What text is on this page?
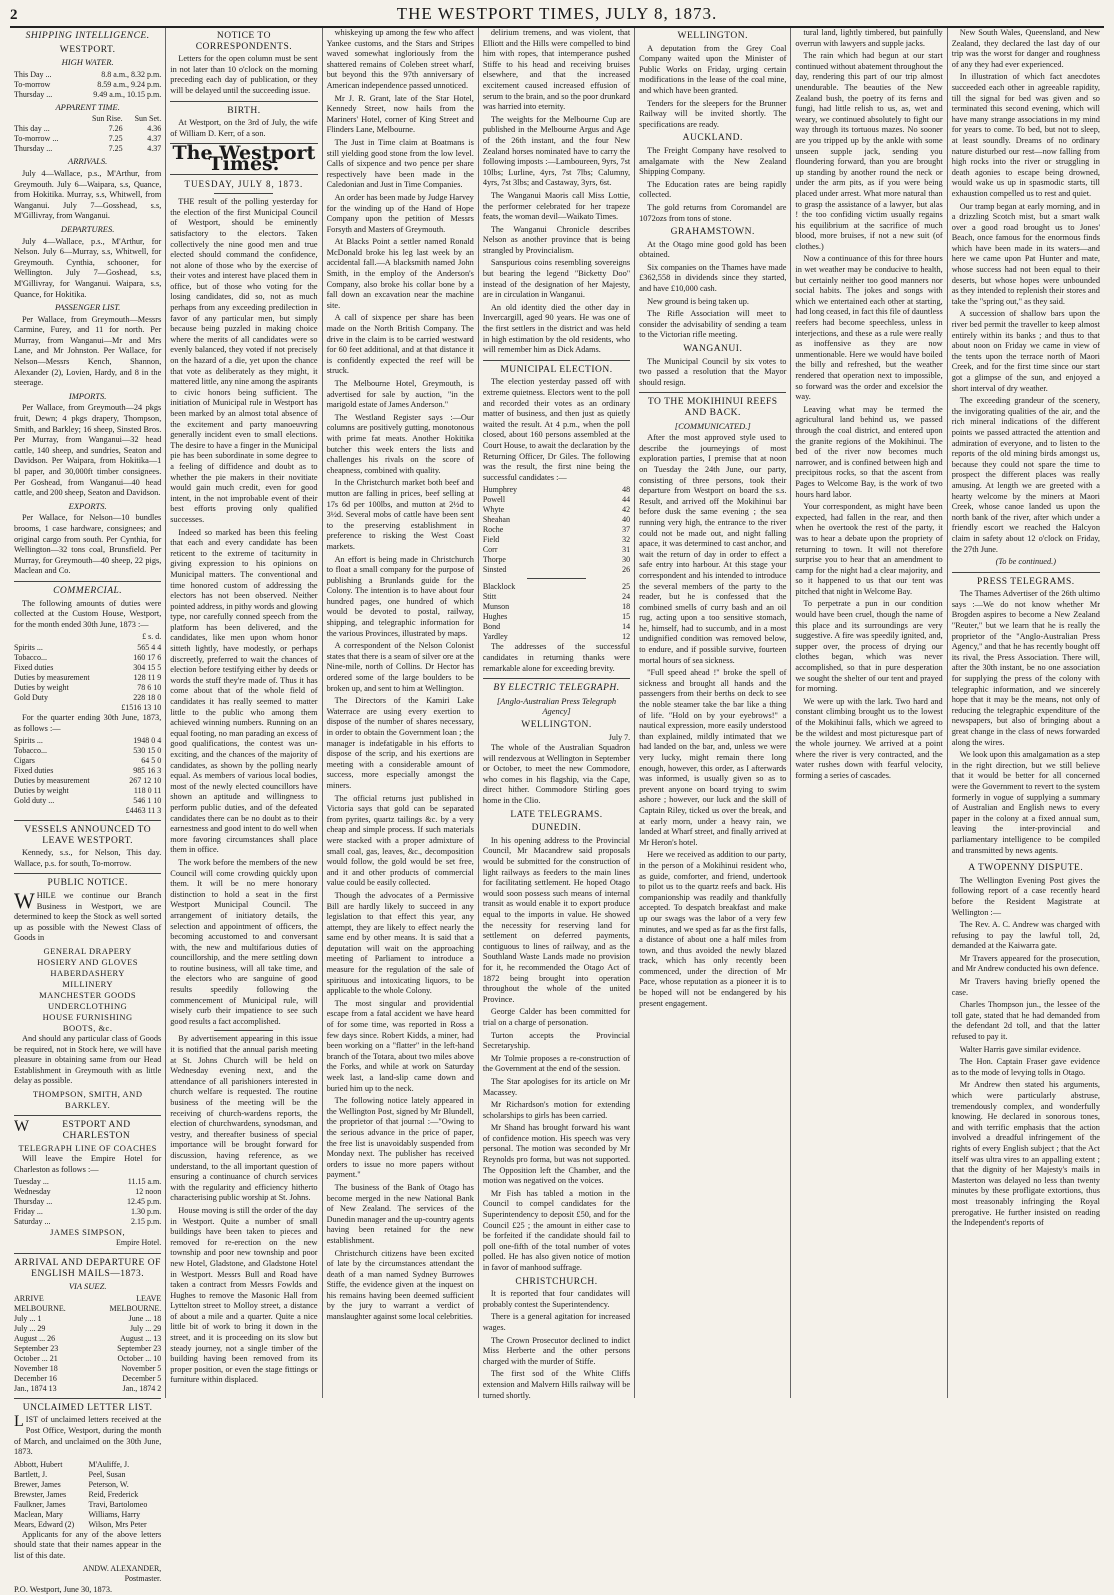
2	THE WESTPORT TIMES, JULY 8, 1873.
SHIPPING INTELLIGENCE.
WESTPORT.
HIGH WATER.
This Day ...	8.8 a.m., 8.32 p.m.
To-morrow	8.59 a.m., 9.24 p.m.
Thursday ...	9.49 a.m., 10.15 p.m.
APPARENT TIME.
	Sun Rise.	Sun Set.
This day ...	7.26	4.36
To-morrow ...	7.25	4.37
Thursday ...	7.25	4.37
ARRIVALS.

July 4—Wallace, p.s., M'Arthur, from Greymouth. July 6—Waipara, s.s, Quance, from Hokitika. Murray, s.s, Whitwell, from Wanganui. July 7—Gosshead, s.s, M'Gillivray, from Wanganui.

DEPARTURES.

July 4—Wallace, p.s., M'Arthur, for Nelson. July 6—Murray, s.s, Whitwell, for Greymouth. Cynthia, schooner, for Wellington. July 7—Goshead, s.s, M'Gillivray, for Wanganui. Waipara, s.s, Quance, for Hokitika.

PASSENGER LIST.

Per Wallace, from Greymouth—Messrs Carmine, Furey, and 11 for north. Per Murray, from Wanganui—Mr and Mrs Lane, and Mr Johnston. Per Wallace, for Nelson—Messrs Kench, Shannon, Alexander (2), Lovien, Hardy, and 8 in the steerage.

IMPORTS.

Per Wallace, from Greymouth—24 pkgs fruit, Dewn; 4 pkgs drapery, Thompson, Smith, and Barkley; 16 sheep, Sinsted Bros. Per Murray, from Wanganui—32 head cattle, 140 sheep, and sundries, Seaton and Davidson. Per Waipara, from Hokitika—1 bl paper, and 30,000ft timber consignees. Per Goshead, from Wanganui—40 head cattle, and 200 sheep, Seaton and Davidson.

EXPORTS.

Per Wallace, for Nelson—10 bundles brooms, 1 case hardware, consignees; and original cargo from south. Per Cynthia, for Wellington—32 tons coal, Brunsfield. Per Murray, for Greymouth—40 sheep, 22 pigs, Maclean and Co.

COMMERCIAL.

The following amounts of duties were collected at the Custom House, Westport, for the month ended 30th June, 1873 :—

£ s. d.
Spirits ...	565 4 4
Tobacco...	160 17 6
Fixed duties	304 15 5
Duties by measurement	128 11 9
Duties by weight	78 6 10
Gold Duty	228 18 0
	£1516 13 10

For the quarter ending 30th June, 1873, as follows :—

Spirits ...	1948 0 4
Tobacco...	530 15 0
Cigars	64 5 0
Fixed duties	985 16 3
Duties by measurement	267 12 10
Duties by weight	118 0 11
Gold duty ...	546 1 10
	£4463 11 3
VESSELS ANNOUNCED TO LEAVE WESTPORT.

Kennedy, s.s., for Nelson, This day. Wallace, p.s. for south, To-morrow.

PUBLIC NOTICE.

WHILE we continue our Branch Business in Westport, we are determined to keep the Stock as well sorted up as possible with the Newest Class of Goods in

GENERAL DRAPERY
HOSIERY AND GLOVES
HABERDASHERY
MILLINERY
MANCHESTER GOODS
UNDERCLOTHING
HOUSE FURNISHING
BOOTS, &c.

And should any particular class of Goods be required, not in Stock here, we will have pleasure in obtaining same from our Head Establishment in Greymouth with as little delay as possible.

THOMPSON, SMITH, AND BARKLEY.
W	ESTPORT AND CHARLESTON
TELEGRAPH LINE OF COACHES

Will leave the Empire Hotel for Charleston as follows :—

Tuesday ...	11.15 a.m.
Wednesday	12 noon
Thursday ...	12.45 p.m.
Friday ...	1.30 p.m.
Saturday ...	2.15 p.m.
JAMES SIMPSON,
Empire Hotel.
ARRIVAL AND DEPARTURE OF ENGLISH MAILS—1873.
VIA SUEZ.
ARRIVE MELBOURNE.	LEAVE MELBOURNE.
July ... 1	June ... 18
July ... 29	July ... 29
August ... 26	August ... 13
September 23	September 23
October ... 21	October ... 10
November 18	November 5
December 16	December 5
Jan., 1874 13	Jan., 1874 2
UNCLAIMED LETTER LIST.

LIST of unclaimed letters received at the Post Office, Westport, during the month of March, and unclaimed on the 30th June, 1873.

Abbott, Hubert	M'Auliffe, J.
Bartlett, J.	Peel, Susan
Brewer, James	Peterson, W.
Brewster, James	Reid, Frederick
Faulkner, James	Travi, Bartolomeo
Maclean, Mary	Williams, Harry
Mears, Edward (2)	Wilson, Mrs Peter

Applicants for any of the above letters should state that their names appear in the list of this date.

ANDW. ALEXANDER,
Postmaster.
P.O. Westport, June 30, 1873.
NOTICE TO CORRESPONDENTS.

Letters for the open column must be sent in not later than 10 o'clock on the morning preceding each day of publication, or they will be delayed until the succeeding issue.

BIRTH.

At Westport, on the 3rd of July, the wife of William D. Kerr, of a son.

The Westport Times.
TUESDAY, JULY 8, 1873.

THE result of the polling yesterday for the election of the first Municipal Council of Westport, should be eminently satisfactory to the electors. Taken collectively the nine good men and true elected should command the confidence, not alone of those who by the exercise of their votes and interest have placed them in office, but of those who voting for the losing candidates, did so, not as much perhaps from any exceeding predilection in favor of any particular men, but simply because being puzzled in making choice where the merits of all candidates were so evenly balanced, they voted if not precisely on the hazard of a die, yet upon the chance that vote as deliberately as they might, it mattered little, any nine among the aspirants to civic honors being sufficient. The initiation of Municipal rule in Westport has been marked by an almost total absence of the excitement and party manoeuvring generally incident even to small elections. The desire to have a finger in the Municipal pie has been subordinate in some degree to a feeling of diffidence and doubt as to whether the pie makers in their novitiate would gain much credit, even for good intent, in the not improbable event of their best efforts proving only qualified successes.

Indeed so marked has been this feeling that each and every candidate has been reticent to the extreme of taciturnity in giving expression to his opinions on Municipal matters. The conventional and time honored custom of addressing the electors has not been observed. Neither pointed address, in pithy words and glowing type, nor carefully conned speech from the platform has been delivered, and the candidates, like men upon whom honor sitteth lightly, have modestly, or perhaps discreetly, preferred to wait the chances of election before testifying either by deeds or words the stuff they're made of. Thus it has come about that of the whole field of candidates it has really seemed to matter little to the public who among them achieved winning numbers. Running on an equal footing, no man parading an excess of good qualifications, the contest was un-exciting, and the chances of the majority of candidates, as shown by the polling nearly equal. As members of various local bodies, most of the newly elected councillors have shown an aptitude and willingness to perform public duties, and of the defeated candidates there can be no doubt as to their earnestness and good intent to do well when more favoring circumstances shall place them in office.

The work before the members of the new Council will come crowding quickly upon them. It will be no mere honorary distinction to hold a seat in the first Westport Municipal Council. The arrangement of initiatory details, the selection and appointment of officers, the becoming accustomed to and conversant with, the new and multifarious duties of councillorship, and the mere settling down to routine business, will all take time, and the electors who are sanguine of good results speedily following the commencement of Municipal rule, will wisely curb their impatience to see such good results a fact accomplished.

By advertisement appearing in this issue it is notified that the annual parish meeting at St. Johns Church will be held on Wednesday evening next, and the attendance of all parishioners interested in church welfare is requested. The routine business of the meeting will be the receiving of church-wardens reports, the election of churchwardens, synodsman, and vestry, and thereafter business of special importance will be brought forward for discussion, having reference, as we understand, to the all important question of ensuring a continuance of church services with the regularity and efficiency hitherto characterising public worship at St. Johns.

House moving is still the order of the day in Westport. Quite a number of small buildings have been taken to pieces and removed for re-erection on the new township and poor new township and poor new Hotel, Gladstone, and Gladstone Hotel in Westport. Messrs Bull and Road have taken a contract from Messrs Fowlds and Hughes to remove the Masonic Hall from Lyttelton street to Molloy street, a distance of about a mile and a quarter. Quite a nice little bit of work to bring it down in the street, and it is proceeding on its slow but steady journey, not a single timber of the building having been removed from its proper position, or even the stage fittings or furniture within displaced.

whiskeying up among the few who affect Yankee customs, and the Stars and Stripes waved somewhat ingloriously from the shattered remains of Coleben street wharf, but beyond this the 97th anniversary of American independence passed unnoticed.

Mr J. R. Grant, late of the Star Hotel, Kennedy Street, now hails from the Mariners' Hotel, corner of King Street and Flinders Lane, Melbourne.

The Just in Time claim at Boatmans is still yielding good stone from the low level. Calls of sixpence and two pence per share respectively have been made in the Caledonian and Just in Time Companies.

An order has been made by Judge Harvey for the winding up of the Hand of Hope Company upon the petition of Messrs Forsyth and Masters of Greymouth.

At Blacks Point a settler named Ronald McDonald broke his leg last week by an accidental fall.—A blacksmith named John Smith, in the employ of the Anderson's Company, also broke his collar bone by a fall down an excavation near the machine site.

A call of sixpence per share has been made on the North British Company. The drive in the claim is to be carried westward for 60 feet additional, and at that distance it is confidently expected the reef will be struck.

The Melbourne Hotel, Greymouth, is advertised for sale by auction, "in the marigold estate of James Anderson."

The Westland Register says :—Our columns are positively gutting, monotonous with prime fat meats. Another Hokitika butcher this week enters the lists and challenges his rivals on the score of cheapness, combined with quality.

In the Christchurch market both beef and mutton are falling in prices, beef selling at 17s 6d per 100lbs, and mutton at 2½d to 3½d. Several mobs of cattle have been sent to the preserving establishment in preference to risking the West Coast markets.

An effort is being made in Christchurch to float a small company for the purpose of publishing a Brunlands guide for the Colony. The intention is to have about four hundred pages, one hundred of which would be devoted to postal, railway, shipping, and telegraphic information for the various Provinces, illustrated by maps.

A correspondent of the Nelson Colonist states that there is a seam of silver ore at the Nine-mile, north of Collins. Dr Hector has ordered some of the large boulders to be broken up, and sent to him at Wellington.

The Directors of the Kamiri Lake Waterrace are using every exertion to dispose of the number of shares necessary, in order to obtain the Government loan ; the manager is indefatigable in his efforts to dispose of the scrip, and his exertions are meeting with a considerable amount of success, more especially amongst the miners.

The official returns just published in Victoria says that gold can be separated from pyrites, quartz tailings &c. by a very cheap and simple process. If such materials were stacked with a proper admixture of small coal, gas, leaves, &c., decomposition would follow, the gold would be set free, and it and other products of commercial value could be easily collected.

Though the advocates of a Permissive Bill are hardly likely to succeed in any legislation to that effect this year, any attempt, they are likely to effect nearly the same end by other means. It is said that a deputation will wait on the approaching meeting of Parliament to introduce a measure for the regulation of the sale of spirituous and intoxicating liquors, to be applicable to the whole Colony.

The most singular and providential escape from a fatal accident we have heard of for some time, was reported in Ross a few days since. Robert Kidds, a miner, had been working on a "flatter" in the left-hand branch of the Totara, about two miles above the Forks, and while at work on Saturday week last, a land-slip came down and buried him up to the neck.

The following notice lately appeared in the Wellington Post, signed by Mr Blundell, the proprietor of that journal :—"Owing to the serious advance in the price of paper, the free list is unavoidably suspended from Monday next. The publisher has received orders to issue no more papers without payment."

The business of the Bank of Otago has become merged in the new National Bank of New Zealand. The services of the Dunedin manager and the up-country agents having been retained for the new establishment.

Christchurch citizens have been excited of late by the circumstances attendant the death of a man named Sydney Burrowes Stiffe, the evidence given at the inquest on his remains having been deemed sufficient by the jury to warrant a verdict of manslaughter against some local celebrities.

delirium tremens, and was violent, that Elliott and the Hills were compelled to bind him with ropes, that intemperance pushed Stiffe to his head and receiving bruises elsewhere, and that the increased excitement caused increased effusion of serum to the brain, and so the poor drunkard was harried into eternity.

The weights for the Melbourne Cup are published in the Melbourne Argus and Age of the 26th instant, and the four New Zealand horses nominated have to carry the following imposts :—Lamboureen, 9yrs, 7st 10lbs; Lurline, 4yrs, 7st 7lbs; Calumny, 4yrs, 7st 3lbs; and Castaway, 3yrs, 6st.

The Wanganui Maoris call Miss Lottie, the performer celebrated for her trapeze feats, the woman devil—Waikato Times.

The Wanganui Chronicle describes Nelson as another province that is being strangled by Provincialism.

Sanspurious coins resembling sovereigns but bearing the legend "Bicketty Doo" instead of the designation of her Majesty, are in circulation in Wanganui.

An old identity died the other day in Invercargill, aged 90 years. He was one of the first settlers in the district and was held in high estimation by the old residents, who will remember him as Dick Adams.

MUNICIPAL ELECTION.

The election yesterday passed off with extreme quietness. Electors went to the poll and recorded their votes as an ordinary matter of business, and then just as quietly waited the result. At 4 p.m., when the poll closed, about 160 persons assembled at the Court House, to await the declaration by the Returning Officer, Dr Giles. The following was the result, the first nine being the successful candidates :—

Humphrey	48
Powell	44
Whyte	42
Sheahan	40
Roche	37
Field	32
Corr	31
Thorpe	30
Sinsted	26
Blacklock	25
Stitt	24
Munson	18
Hughes	15
Bond	14
Yardley	12

The addresses of the successful candidates in returning thanks were remarkable alone for exceeding brevity.

BY ELECTRIC TELEGRAPH.
[Anglo-Australian Press Telegraph Agency]
WELLINGTON.
July 7.

The whole of the Australian Squadron will rendezvous at Wellington in September or October, to meet the new Commodore, who comes in his flagship, via the Cape, direct hither. Commodore Stirling goes home in the Clio.

LATE TELEGRAMS.
DUNEDIN.

In his opening address to the Provincial Council, Mr Macandrew said proposals would be submitted for the construction of light railways as feeders to the main lines for facilitating settlement. He hoped Otago would soon possess such means of internal transit as would enable it to export produce equal to the imports in value. He showed the necessity for reserving land for settlement on deferred payments, contiguous to lines of railway, and as the Southland Waste Lands made no provision for it, he recommended the Otago Act of 1872 being brought into operation throughout the whole of the united Province.

George Calder has been committed for trial on a charge of personation.

Turton accepts the Provincial Secretaryship.

Mr Tolmie proposes a re-construction of the Government at the end of the session.

The Star apologises for its article on Mr Macassey.

Mr Richardson's motion for extending scholarships to girls has been carried.

Mr Shand has brought forward his want of confidence motion. His speech was very personal. The motion was seconded by Mr Reynolds pro forma, but was not supported. The Opposition left the Chamber, and the motion was negatived on the voices.

Mr Fish has tabled a motion in the Council to compel candidates for the Superintendency to deposit £50, and for the Council £25 ; the amount in either case to be forfeited if the candidate should fail to poll one-fifth of the total number of votes polled. He has also given notice of motion in favor of manhood suffrage.

CHRISTCHURCH.

It is reported that four candidates will probably contest the Superintendency.

There is a general agitation for increased wages.

The Crown Prosecutor declined to indict Miss Herberte and the other persons charged with the murder of Stiffe.

The first sod of the White Cliffs extension and Malvern Hills railway will be turned shortly.

WELLINGTON.

A deputation from the Grey Coal Company waited upon the Minister of Public Works on Friday, urging certain modifications in the lease of the coal mine, and which have been granted.

Tenders for the sleepers for the Brunner Railway will be invited shortly. The specifications are ready.

AUCKLAND.

The Freight Company have resolved to amalgamate with the New Zealand Shipping Company.

The Education rates are being rapidly collected.

The gold returns from Coromandel are 1072ozs from tons of stone.

GRAHAMSTOWN.

At the Otago mine good gold has been obtained.

Six companies on the Thames have made £362,558 in dividends since they started, and have £10,000 cash.

New ground is being taken up.

The Rifle Association will meet to consider the advisability of sending a team to the Victorian rifle meeting.

WANGANUI.

The Municipal Council by six votes to two passed a resolution that the Mayor should resign.

TO THE MOKIHINUI REEFS AND BACK.
[COMMUNICATED.]

After the most approved style used to describe the journeyings of most exploration parties, I premise that at noon on Tuesday the 24th June, our party, consisting of three persons, took their departure from Westport on board the s.s. Result, and arrived off the Mokihinui bar before dusk the same evening ; the sea running very high, the entrance to the river could not be made out, and night falling apace, it was determined to cast anchor, and wait the return of day in order to effect a safe entry into harbour. At this stage your correspondent and his intended to introduce the several members of the party to the reader, but he is confessed that the combined smells of curry bash and an oil rug, acting upon a too sensitive stomach, he, himself, had to succumb, and in a most undignified condition was removed below, to endure, and if possible survive, fourteen mortal hours of sea sickness.

"Full speed ahead !" broke the spell of sickness and brought all hands and the passengers from their berths on deck to see the noble steamer take the bar like a thing of life. "Hold on by your eyebrows!" a nautical expression, more easily understood than explained, mildly intimated that we had landed on the bar, and, unless we were very lucky, might remain there long enough, however, this order, as I afterwards was informed, is usually given so as to prevent anyone on board trying to swim ashore ; however, our luck and the skill of Captain Riley, ticked us over the break, and at early morn, under a heavy rain, we landed at Wharf street, and finally arrived at Mr Heron's hotel.

Here we received as addition to our party, in the person of a Mokihinui resident who, as guide, comforter, and friend, undertook to pilot us to the quartz reefs and back. His companionship was readily and thankfully accepted. To despatch breakfast and make up our swags was the labor of a very few minutes, and we sped as far as the first falls, a distance of about one a half miles from town, and thus avoided the newly blazed track, which has only recently been commenced, under the direction of Mr Pace, whose reputation as a pioneer it is to be hoped will not be endangered by his present engagement.

tural land, lightly timbered, but painfully overrun with lawyers and supple jacks.

The rain which had begun at our start continued without abatement throughout the day, rendering this part of our trip almost unendurable. The beauties of the New Zealand bush, the poetry of its ferns and fungi, had little relish to us, as, wet and weary, we continued absolutely to fight our way through its tortuous mazes. No sooner are you tripped up by the ankle with some unseen supple jack, sending you floundering forward, than you are brought up standing by another round the neck or under the arm pits, as if you were being placed under arrest. What more natural than to grasp the assistance of a lawyer, but alas ! the too confiding victim usually regains his equilibrium at the sacrifice of much blood, more bruises, if not a new suit (of clothes.)

Now a continuance of this for three hours in wet weather may be conducive to health, but certainly neither too good manners nor social habits. The jokes and songs with which we entertained each other at starting, had long ceased, in fact this file of dauntless reefers had become speechless, unless in interjections, and these as a rule were really as inoffensive as they are now unmentionable. Here we would have boiled the billy and refreshed, but the weather rendered that operation next to impossible, so forward was the order and excelsior the way.

Leaving what may be termed the agricultural land behind us, we passed through the coal district, and entered upon the granite regions of the Mokihinui. The bed of the river now becomes much narrower, and is confined between high and precipitous rocks, so that the ascent from Pages to Welcome Bay, is the work of two hours hard labor.

Your correspondent, as might have been expected, had fallen in the rear, and then when he overtook the rest of the party, it was to hear a debate upon the propriety of returning to town. It will not therefore surprise you to hear that an amendment to camp for the night had a clear majority, and so it happened to us that our tent was pitched that night in Welcome Bay.

To perpetrate a pun in our condition would have been cruel, though the name of this place and its surroundings are very suggestive. A fire was speedily ignited, and, supper over, the process of drying our clothes began, which was never accomplished, so that in pure desperation we sought the shelter of our tent and prayed for morning.

We were up with the lark. Two hard and constant climbing brought us to the lowest of the Mokihinui falls, which we agreed to be the wildest and most picturesque part of the whole journey. We arrived at a point where the river is very contracted, and the water rushes down with fearful velocity, forming a series of cascades.

New South Wales, Queensland, and New Zealand, they declared the last day of our trip was the worst for danger and roughness of any they had ever experienced.

In illustration of which fact anecdotes succeeded each other in agreeable rapidity, till the signal for bed was given and so terminated this second evening, which will have many strange associations in my mind for years to come. To bed, but not to sleep, at least soundly. Dreams of no ordinary nature disturbed our rest—now falling from high rocks into the river or struggling in death agonies to escape being drowned, would wake us up in spasmodic starts, till exhaustion compelled us to rest and quiet.

Our tramp began at early morning, and in a drizzling Scotch mist, but a smart walk over a good road brought us to Jones' Beach, once famous for the enormous finds which have been made in its waters—and here we came upon Pat Hunter and mate, whose success had not been equal to their deserts, but whose hopes were unbounded as they intended to replenish their stores and take the "spring out," as they said.

A succession of shallow bars upon the river bed permit the traveller to keep almost entirely within its banks ; and thus to that about noon on Friday we came in view of the tents upon the terrace north of Maori Creek, and for the first time since our start got a glimpse of the sun, and enjoyed a short interval of dry weather.

The exceeding grandeur of the scenery, the invigorating qualities of the air, and the rich mineral indications of the different points we passed attracted the attention and admiration of everyone, and to listen to the reports of the old mining birds amongst us, because they could not spare the time to prospect the different places was really amusing. At length we are greeted with a hearty welcome by the miners at Maori Creek, whose canoe landed us upon the north bank of the river, after which under a friendly escort we reached the Halcyon claim in safety about 12 o'clock on Friday, the 27th June.

(To be continued.)
PRESS TELEGRAMS.

The Thames Advertiser of the 26th ultimo says :—We do not know whether Mr Brogden aspires to become a New Zealand "Reuter," but we learn that he is really the proprietor of the "Anglo-Australian Press Agency," and that he has recently bought off its rival, the Press Association. There will, after the 30th instant, be no one association for supplying the press of the colony with telegraphic information, and we sincerely hope that it may be the means, not only of reducing the telegraphic expenditure of the newspapers, but also of bringing about a great change in the class of news forwarded along the wires.

We look upon this amalgamation as a step in the right direction, but we still believe that it would be better for all concerned were the Government to revert to the system formerly in vogue of supplying a summary of Australian and English news to every paper in the colony at a fixed annual sum, leaving the inter-provincial and parliamentary intelligence to be compiled and transmitted by news agents.

A TWOPENNY DISPUTE.

The Wellington Evening Post gives the following report of a case recently heard before the Resident Magistrate at Wellington :—

The Rev. A. C. Andrew was charged with refusing to pay the lawful toll, 2d, demanded at the Kaiwarra gate.

Mr Travers appeared for the prosecution, and Mr Andrew conducted his own defence.

Mr Travers having briefly opened the case.

Charles Thompson jun., the lessee of the toll gate, stated that he had demanded from the defendant 2d toll, and that the latter refused to pay it.

Walter Harris gave similar evidence.

The Hon. Captain Fraser gave evidence as to the mode of levying tolls in Otago.

Mr Andrew then stated his arguments, which were particularly abstruse, tremendously complex, and wonderfully knowing. He declared in sonorous tones, and with terrific emphasis that the action involved a dreadful infringement of the rights of every English subject ; that the Act itself was ultra vires to an appalling extent ; that the dignity of her Majesty's mails in Masterton was delayed no less than twenty minutes by these profligate extortions, thus most treasonably infringing the Royal prerogative. He further insisted on reading the Independent's reports of
